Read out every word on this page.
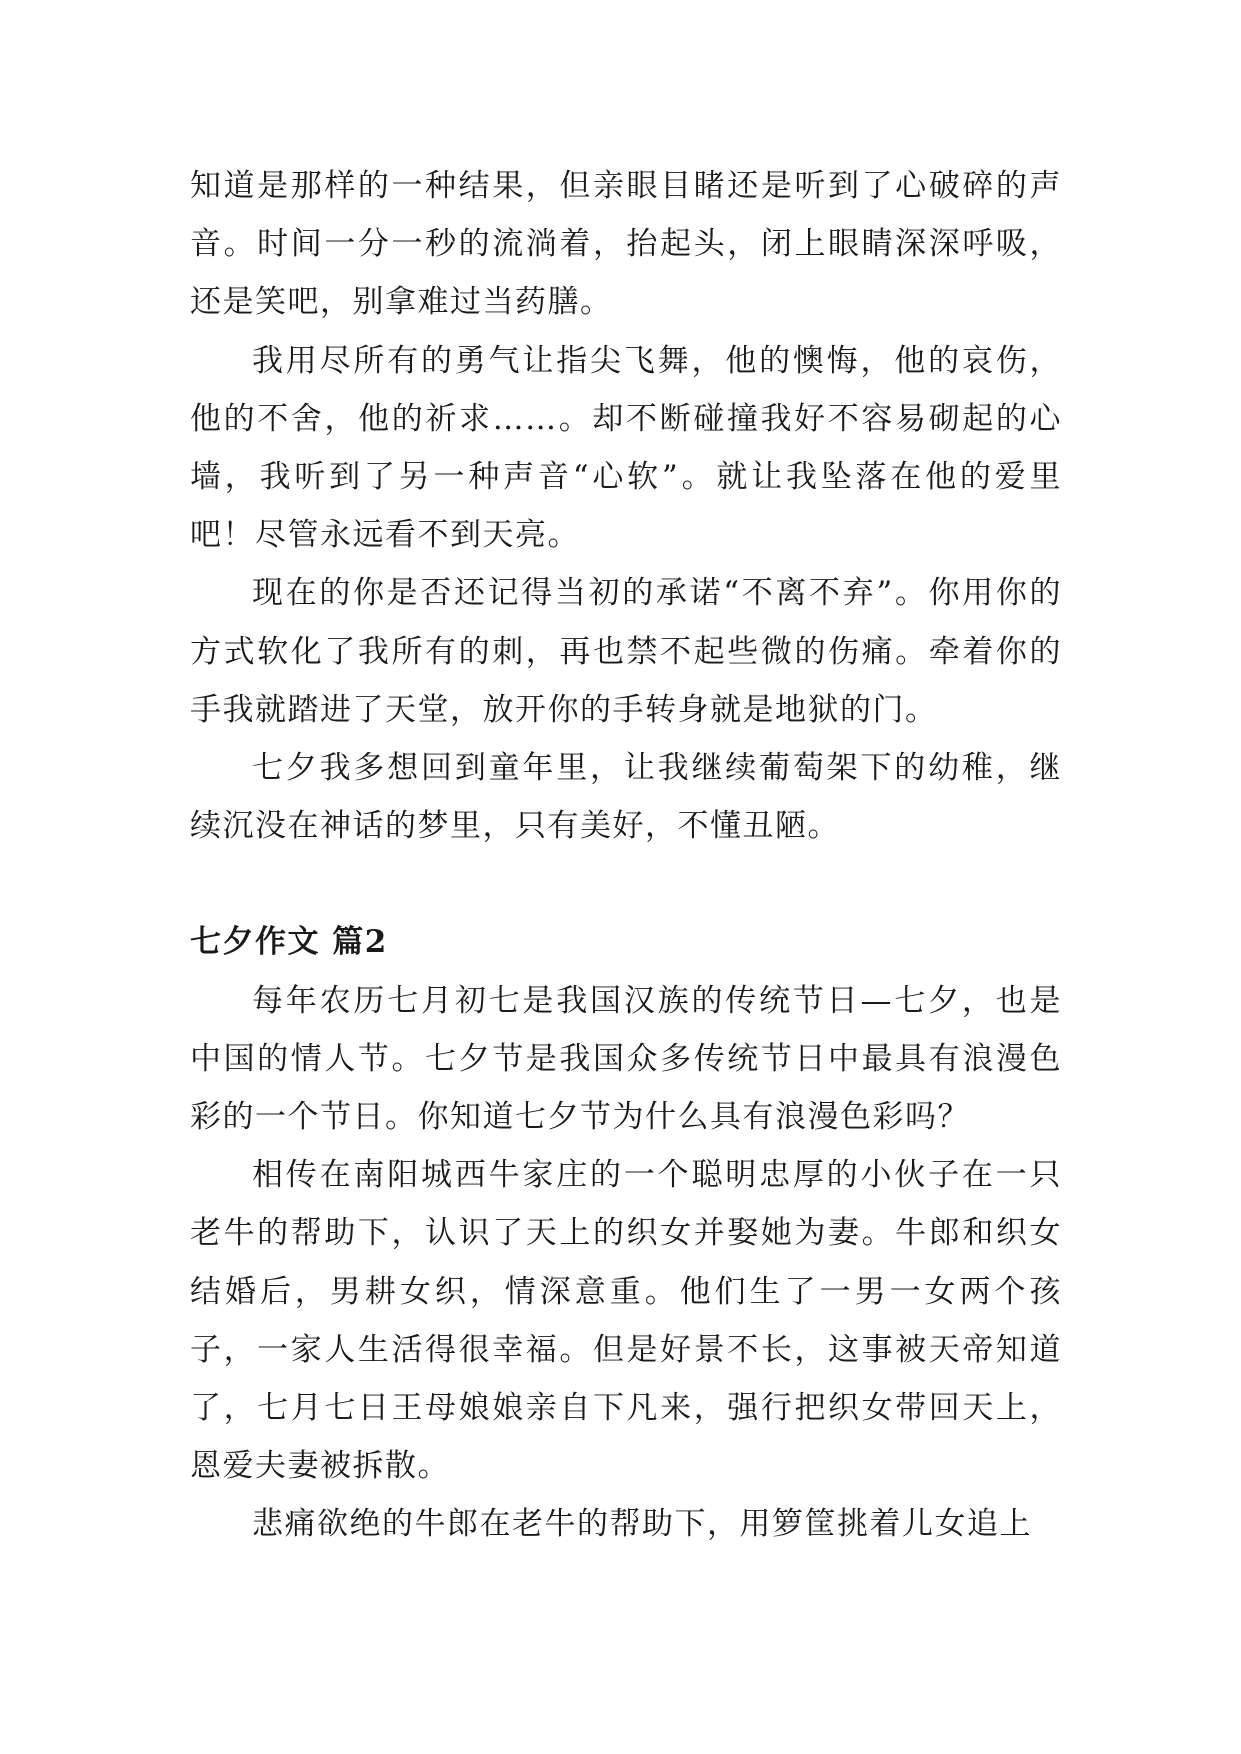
知道是那样的一种结果，但亲眼目睹还是听到了心破碎的声音。时间一分一秒的流淌着，抬起头，闭上眼睛深深呼吸，还是笑吧，别拿难过当药膳。

我用尽所有的勇气让指尖飞舞，他的懊悔，他的哀伤，他的不舍，他的祈求……。却不断碰撞我好不容易砌起的心墙，我听到了另一种声音“心软”。就让我坠落在他的爱里吧！尽管永远看不到天亮。

现在的你是否还记得当初的承诺“不离不弃”。你用你的方式软化了我所有的刺，再也禁不起些微的伤痛。牵着你的手我就踏进了天堂，放开你的手转身就是地狱的门。

七夕我多想回到童年里，让我继续葡萄架下的幼稚，继续沉没在神话的梦里，只有美好，不懂丑陋。

七夕作文 篇2

每年农历七月初七是我国汉族的传统节日—七夕，也是中国的情人节。七夕节是我国众多传统节日中最具有浪漫色彩的一个节日。你知道七夕节为什么具有浪漫色彩吗？

相传在南阳城西牛家庄的一个聪明忠厚的小伙子在一只老牛的帮助下，认识了天上的织女并娶她为妻。牛郎和织女结婚后，男耕女织，情深意重。他们生了一男一女两个孩子，一家人生活得很幸福。但是好景不长，这事被天帝知道了，七月七日王母娘娘亲自下凡来，强行把织女带回天上，恩爱夫妻被拆散。

悲痛欲绝的牛郎在老牛的帮助下，用箩筐挑着儿女追上
